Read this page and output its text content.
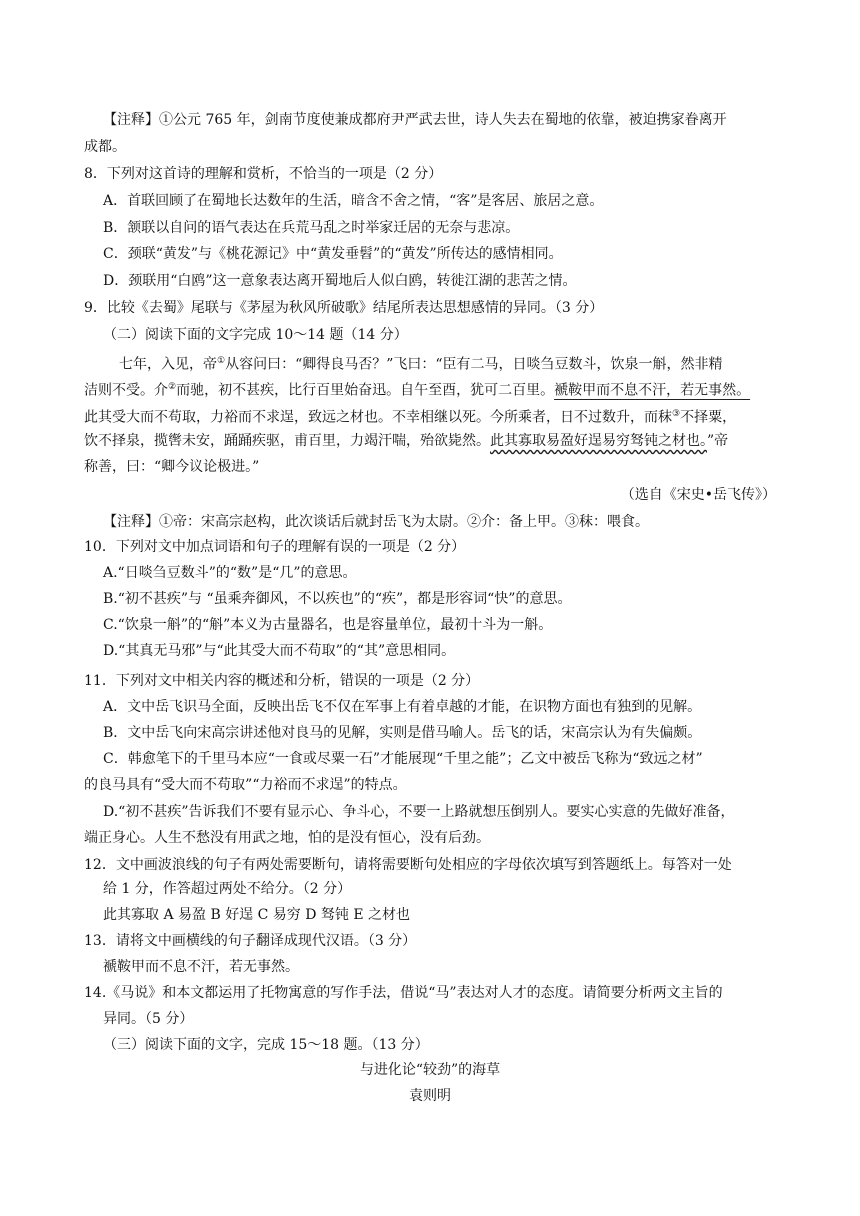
【注释】①公元 765 年，剑南节度使兼成都府尹严武去世，诗人失去在蜀地的依靠，被迫携家眷离开
成都。
8．下列对这首诗的理解和赏析，不恰当的一项是（2 分）
A．首联回顾了在蜀地长达数年的生活，暗含不舍之情，“客”是客居、旅居之意。
B．颔联以自问的语气表达在兵荒马乱之时举家迁居的无奈与悲凉。
C．颈联“黄发”与《桃花源记》中“黄发垂髫”的“黄发”所传达的感情相同。
D．颈联用“白鸥”这一意象表达离开蜀地后人似白鸥，转徙江湖的悲苦之情。
9．比较《去蜀》尾联与《茅屋为秋风所破歌》结尾所表达思想感情的异同。（3 分）
（二）阅读下面的文字完成 10～14 题（14 分）
七年，入见，帝①从容问曰：“卿得良马否？”飞曰：“臣有二马，日啖刍豆数斗，饮泉一斛，然非精
洁则不受。介②而驰，初不甚疾，比行百里始奋迅。自午至酉，犹可二百里。褫鞍甲而不息不汗，若无事然。
此其受大而不苟取，力裕而不求逞，致远之材也。不幸相继以死。今所乘者，日不过数升，而秣③不择粟，
饮不择泉，揽辔未安，踊踊疾驱，甫百里，力竭汗喘，殆欲毙然。此其寡取易盈好逞易穷驽钝之材也。”帝
称善，曰：“卿今议论极进。”
（选自《宋史•岳飞传》）
【注释】①帝：宋高宗赵构，此次谈话后就封岳飞为太尉。②介：备上甲。③秣：喂食。
10．下列对文中加点词语和句子的理解有误的一项是（2 分）
A.“日啖刍豆数斗”的“数”是“几”的意思。
B.“初不甚疾”与 “虽乘奔御风，不以疾也”的“疾”，都是形容词“快”的意思。
C.“饮泉一斛”的“斛”本义为古量器名，也是容量单位，最初十斗为一斛。
D.“其真无马邪”与“此其受大而不苟取”的“其”意思相同。
11．下列对文中相关内容的概述和分析，错误的一项是（2 分）
A．文中岳飞识马全面，反映出岳飞不仅在军事上有着卓越的才能，在识物方面也有独到的见解。
B．文中岳飞向宋高宗讲述他对良马的见解，实则是借马喻人。岳飞的话，宋高宗认为有失偏颇。
C．韩愈笔下的千里马本应“一食或尽粟一石”才能展现“千里之能”；乙文中被岳飞称为“致远之材”
的良马具有“受大而不苟取”“力裕而不求逞”的特点。
D.“初不甚疾”告诉我们不要有显示心、争斗心，不要一上路就想压倒别人。要实心实意的先做好准备，
端正身心。人生不愁没有用武之地，怕的是没有恒心，没有后劲。
12．文中画波浪线的句子有两处需要断句，请将需要断句处相应的字母依次填写到答题纸上。每答对一处
给 1 分，作答超过两处不给分。（2 分）
此其寡取 A 易盈 B 好逞 C 易穷 D 驽钝 E 之材也
13．请将文中画横线的句子翻译成现代汉语。（3 分）
褫鞍甲而不息不汗，若无事然。
14.《马说》和本文都运用了托物寓意的写作手法，借说“马”表达对人才的态度。请简要分析两文主旨的
异同。（5 分）
（三）阅读下面的文字，完成 15～18 题。（13 分）
与进化论“较劲”的海草
袁则明
